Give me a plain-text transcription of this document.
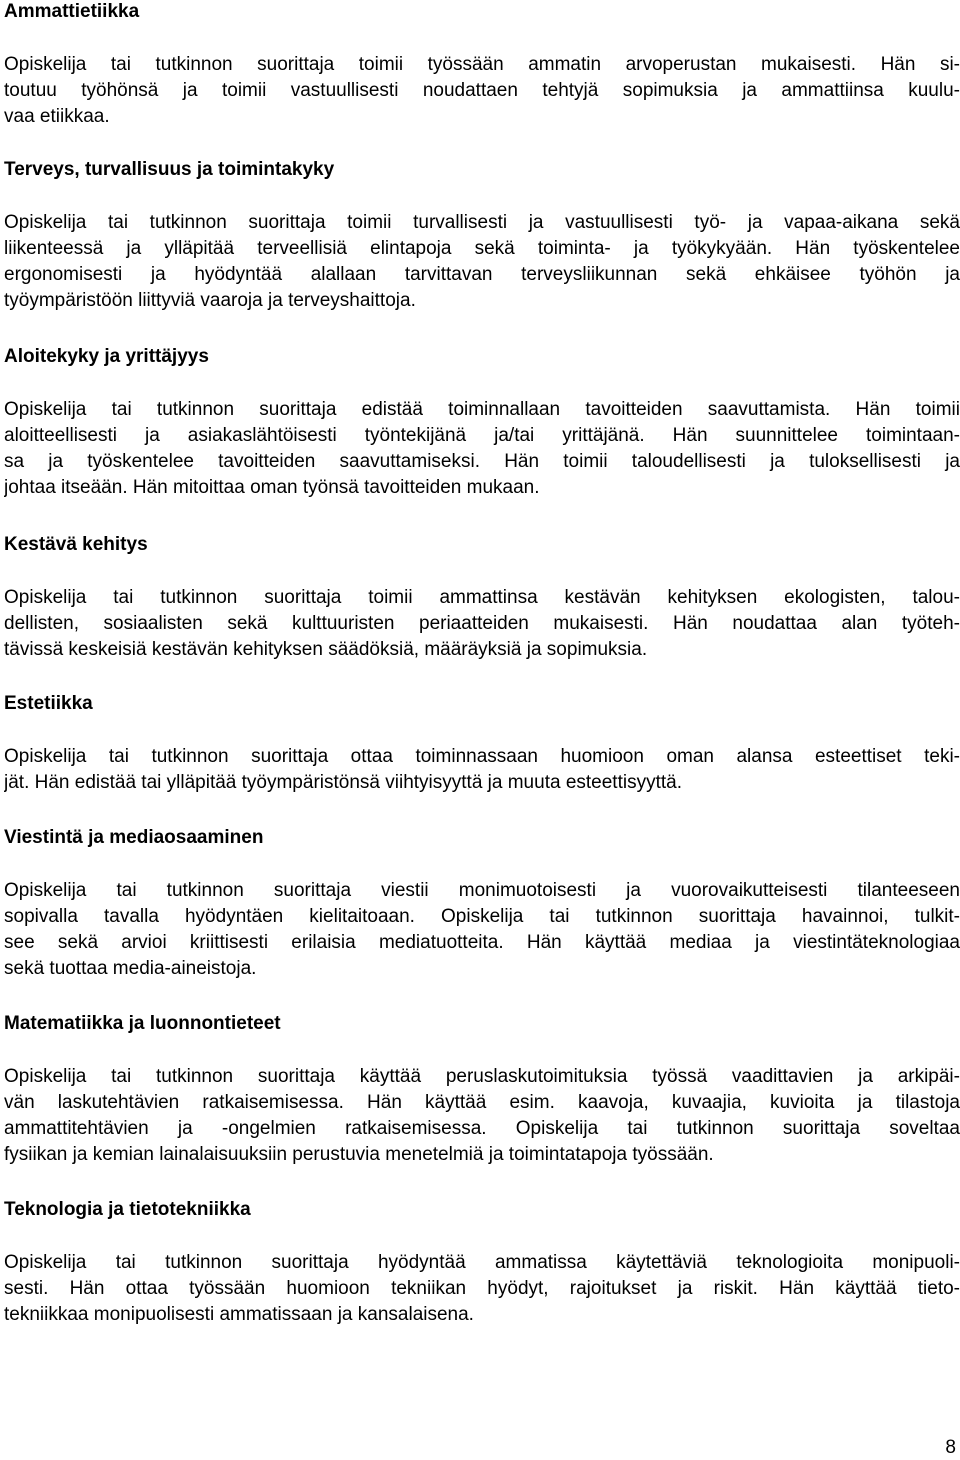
Ammattietiikka
Opiskelija tai tutkinnon suorittaja toimii työssään ammatin arvoperustan mukaisesti. Hän si-
toutuu työhönsä ja toimii vastuullisesti noudattaen tehtyjä sopimuksia ja ammattiinsa kuulu-
vaa etiikkaa.
Terveys, turvallisuus ja toimintakyky
Opiskelija tai tutkinnon suorittaja toimii turvallisesti ja vastuullisesti työ- ja vapaa-aikana sekä
liikenteessä ja ylläpitää terveellisiä elintapoja sekä toiminta- ja työkykyään. Hän työskentelee
ergonomisesti ja hyödyntää alallaan tarvittavan terveysliikunnan sekä ehkäisee työhön ja
työympäristöön liittyviä vaaroja ja terveyshaittoja.
Aloitekyky ja yrittäjyys
Opiskelija tai tutkinnon suorittaja edistää toiminnallaan tavoitteiden saavuttamista. Hän toimii
aloitteellisesti ja asiakaslähtöisesti työntekijänä ja/tai yrittäjänä. Hän suunnittelee toimintaan-
sa ja työskentelee tavoitteiden saavuttamiseksi. Hän toimii taloudellisesti ja tuloksellisesti ja
johtaa itseään. Hän mitoittaa oman työnsä tavoitteiden mukaan.
Kestävä kehitys
Opiskelija tai tutkinnon suorittaja toimii ammattinsa kestävän kehityksen ekologisten, talou-
dellisten, sosiaalisten sekä kulttuuristen periaatteiden mukaisesti. Hän noudattaa alan työteh-
tävissä keskeisiä kestävän kehityksen säädöksiä, määräyksiä ja sopimuksia.
Estetiikka
Opiskelija tai tutkinnon suorittaja ottaa toiminnassaan huomioon oman alansa esteettiset teki-
jät. Hän edistää tai ylläpitää työympäristönsä viihtyisyyttä ja muuta esteettisyyttä.
Viestintä ja mediaosaaminen
Opiskelija tai tutkinnon suorittaja viestii monimuotoisesti ja vuorovaikutteisesti tilanteeseen
sopivalla tavalla hyödyntäen kielitaitoaan. Opiskelija tai tutkinnon suorittaja havainnoi, tulkit-
see sekä arvioi kriittisesti erilaisia mediatuotteita. Hän käyttää mediaa ja viestintäteknologiaa
sekä tuottaa media-aineistoja.
Matematiikka ja luonnontieteet
Opiskelija tai tutkinnon suorittaja käyttää peruslaskutoimituksia työssä vaadittavien ja arkipäi-
vän laskutehtävien ratkaisemisessa. Hän käyttää esim. kaavoja, kuvaajia, kuvioita ja tilastoja
ammattitehtävien ja -ongelmien ratkaisemisessa. Opiskelija tai tutkinnon suorittaja soveltaa
fysiikan ja kemian lainalaisuuksiin perustuvia menetelmiä ja toimintatapoja työssään.
Teknologia ja tietotekniikka
Opiskelija tai tutkinnon suorittaja hyödyntää ammatissa käytettäviä teknologioita monipuoli-
sesti. Hän ottaa työssään huomioon tekniikan hyödyt, rajoitukset ja riskit. Hän käyttää tieto-
tekniikkaa monipuolisesti ammatissaan ja kansalaisena.
8
